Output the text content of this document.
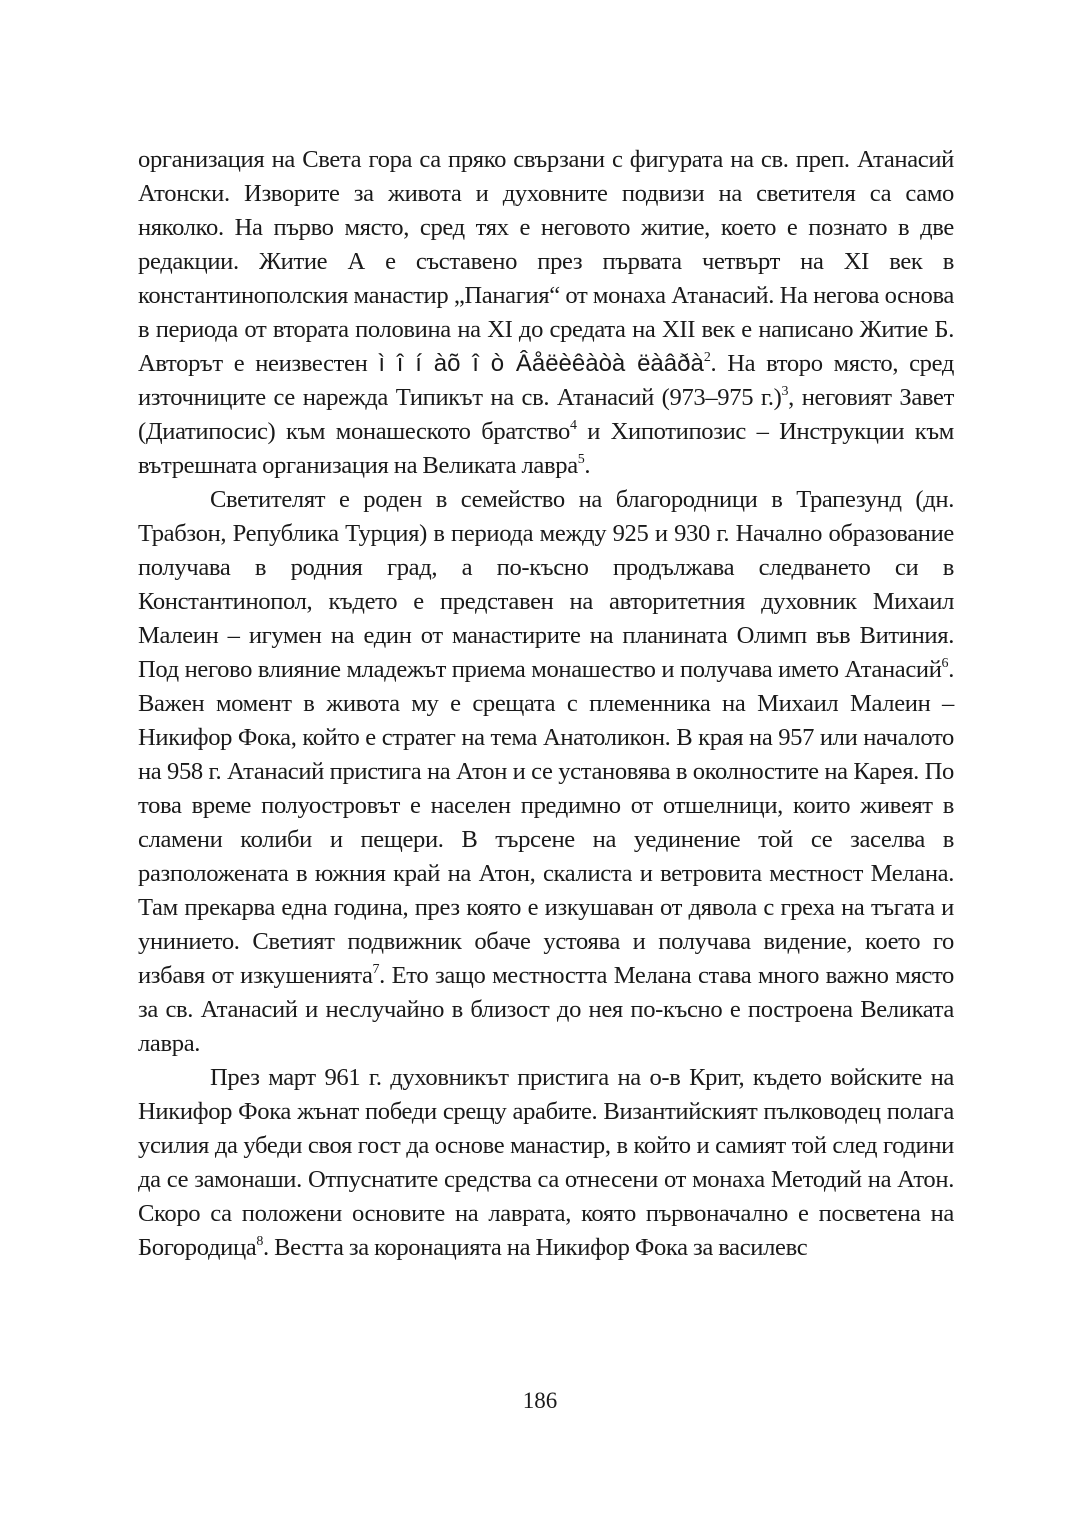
организация на Света гора са пряко свързани с фигурата на св. преп. Атанасий Атонски. Изворите за живота и духовните подвизи на светителя са само няколко. На първо място, сред тях е неговото житие, което е познато в две редакции. Житие А е съставено през първата четвърт на XI век в константинополския манастир „Панагия“ от монаха Атанасий. На негова основа в периода от втората половина на XI до средата на XII век е написано Житие Б. Авторът е неизвестен ì î í àõ î ò Âåëèêàòà ëàâðà$^2$. На второ място, сред източниците се нарежда Типикът на св. Атанасий (973–975 г.)$^3$, неговият Завет (Диатипосис) към монашеското братство$^4$ и Хипотипозис – Инструкции към вътрешната организация на Великата лавра$^5$.

Светителят е роден в семейство на благородници в Трапезунд (дн. Трабзон, Република Турция) в периода между 925 и 930 г. Начално образование получава в родния град, а по-късно продължава следването си в Константинопол, където е представен на авторитетния духовник Михаил Малеин – игумен на един от манастирите на планината Олимп във Витиния. Под негово влияние младежът приема монашество и получава името Атанасий$^6$. Важен момент в живота му е срещата с племенника на Михаил Малеин – Никифор Фока, който е стратег на тема Анатоликон. В края на 957 или началото на 958 г. Атанасий пристига на Атон и се установява в околностите на Карея. По това време полуостровът е населен предимно от отшелници, които живеят в сламени колиби и пещери. В търсене на уединение той се заселва в разположената в южния край на Атон, скалиста и ветровита местност Мелана. Там прекарва една година, през която е изкушаван от дявола с греха на тъгата и унинието. Светият подвижник обаче устоява и получава видение, което го избавя от изкушенията$^7$. Ето защо местността Мелана става много важно място за св. Атанасий и неслучайно в близост до нея по-късно е построена Великата лавра.

През март 961 г. духовникът пристига на о-в Крит, където войските на Никифор Фока жънат победи срещу арабите. Византийският пълководец полага усилия да убеди своя гост да основе манастир, в който и самият той след години да се замонаши. Отпуснатите средства са отнесени от монаха Методий на Атон. Скоро са положени основите на лаврата, която първоначално е посветена на Богородица$^8$. Вестта за коронацията на Никифор Фока за василевс

186
